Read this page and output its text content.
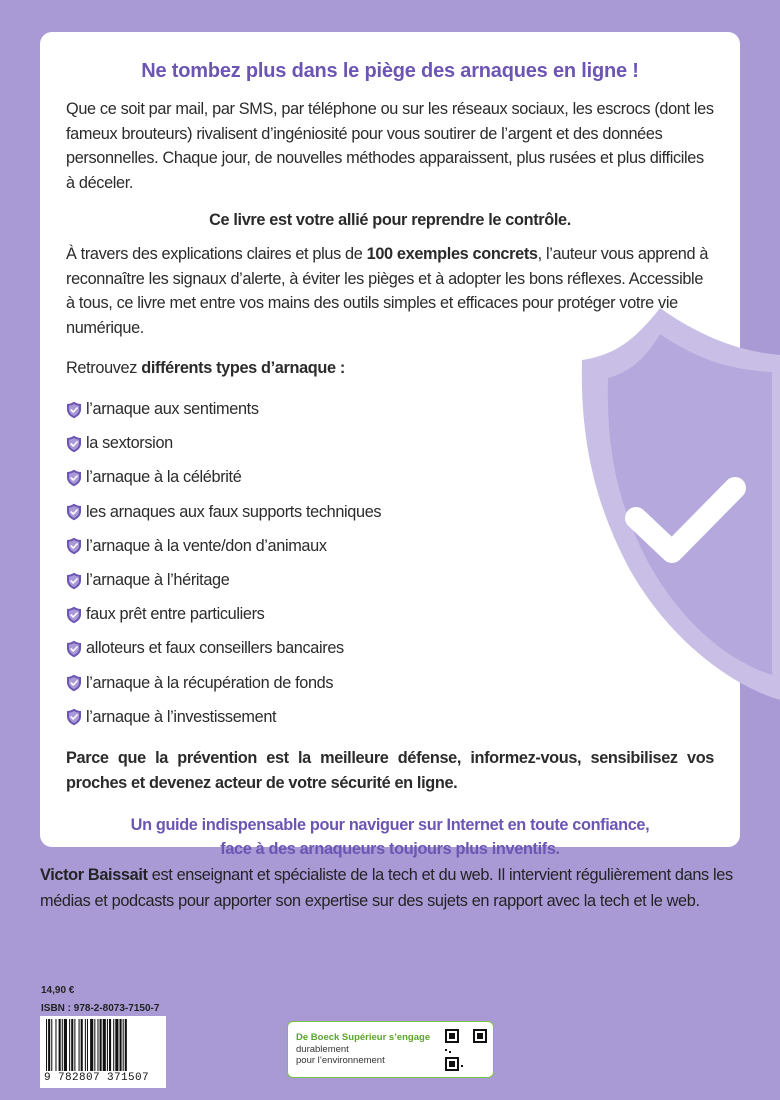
Ne tombez plus dans le piège des arnaques en ligne !

Que ce soit par mail, par SMS, par téléphone ou sur les réseaux sociaux, les escrocs (dont les fameux brouteurs) rivalisent d’ingéniosité pour vous soutirer de l’argent et des données personnelles. Chaque jour, de nouvelles méthodes apparaissent, plus rusées et plus difficiles à déceler.

Ce livre est votre allié pour reprendre le contrôle.

À travers des explications claires et plus de 100 exemples concrets, l’auteur vous apprend à reconnaître les signaux d’alerte, à éviter les pièges et à adopter les bons réflexes. Accessible à tous, ce livre met entre vos mains des outils simples et efficaces pour protéger votre vie numérique.

Retrouvez différents types d’arnaque :

l’arnaque aux sentiments
la sextorsion
l’arnaque à la célébrité
les arnaques aux faux supports techniques
l’arnaque à la vente/don d’animaux
l’arnaque à l’héritage
faux prêt entre particuliers
alloteurs et faux conseillers bancaires
l’arnaque à la récupération de fonds
l’arnaque à l’investissement

Parce que la prévention est la meilleure défense, informez-vous, sensibilisez vos proches et devenez acteur de votre sécurité en ligne.

Un guide indispensable pour naviguer sur Internet en toute confiance,
face à des arnaqueurs toujours plus inventifs.

Victor Baissait est enseignant et spécialiste de la tech et du web. Il intervient régulièrement dans les médias et podcasts pour apporter son expertise sur des sujets en rapport avec la tech et le web.

14,90 €
ISBN : 978-2-8073-7150-7
9 782807 371507
De Boeck Supérieur s’engage
durablement
pour l’environnement
